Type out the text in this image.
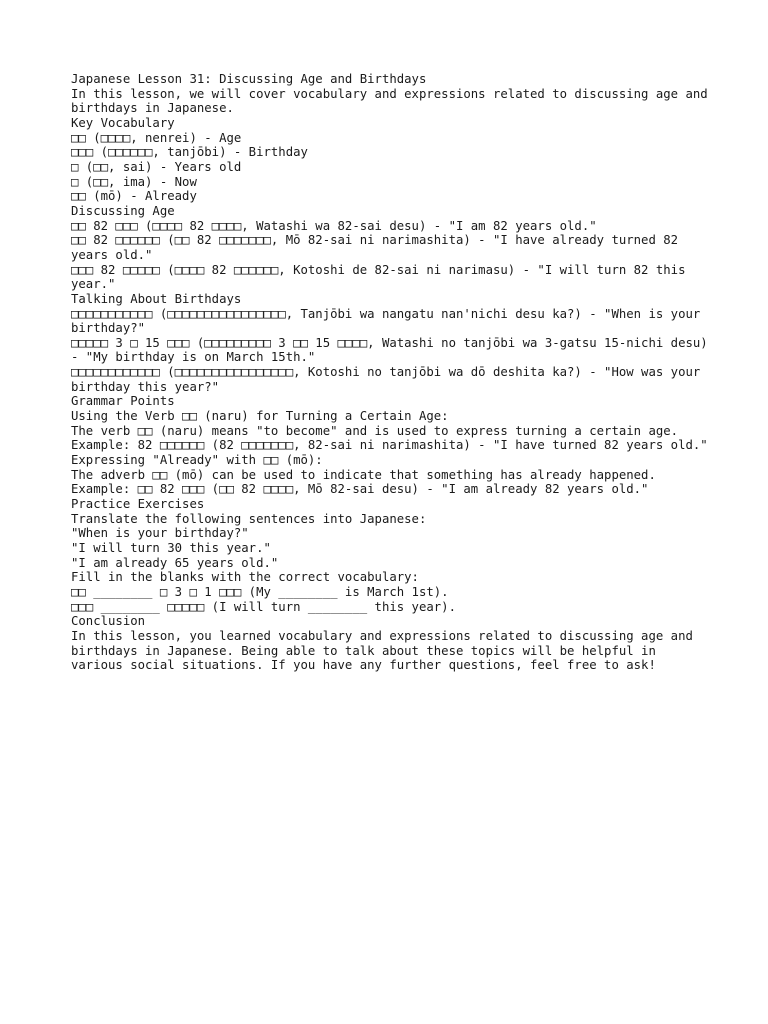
Japanese Lesson 31: Discussing Age and Birthdays

In this lesson, we will cover vocabulary and expressions related to discussing age and birthdays in Japanese.

Key Vocabulary

□□ (□□□□, nenrei) - Age

□□□ (□□□□□□, tanjōbi) - Birthday

□ (□□, sai) - Years old

□ (□□, ima) - Now

□□ (mō) - Already

Discussing Age

□□ 82 □□□ (□□□□ 82 □□□□, Watashi wa 82-sai desu) - "I am 82 years old."

□□ 82 □□□□□□ (□□ 82 □□□□□□□, Mō 82-sai ni narimashita) - "I have already turned 82 years old."

□□□ 82 □□□□□ (□□□□ 82 □□□□□□, Kotoshi de 82-sai ni narimasu) - "I will turn 82 this year."

Talking About Birthdays

□□□□□□□□□□□ (□□□□□□□□□□□□□□□□, Tanjōbi wa nangatu nan'nichi desu ka?) - "When is your birthday?"

□□□□□ 3 □ 15 □□□ (□□□□□□□□□ 3 □□ 15 □□□□, Watashi no tanjōbi wa 3-gatsu 15-nichi desu) - "My birthday is on March 15th."

□□□□□□□□□□□□ (□□□□□□□□□□□□□□□□, Kotoshi no tanjōbi wa dō deshita ka?) - "How was your birthday this year?"

Grammar Points

Using the Verb □□ (naru) for Turning a Certain Age:

The verb □□ (naru) means "to become" and is used to express turning a certain age.

Example: 82 □□□□□□ (82 □□□□□□□, 82-sai ni narimashita) - "I have turned 82 years old."

Expressing "Already" with □□ (mō):

The adverb □□ (mō) can be used to indicate that something has already happened.

Example: □□ 82 □□□ (□□ 82 □□□□, Mō 82-sai desu) - "I am already 82 years old."

Practice Exercises

Translate the following sentences into Japanese:

"When is your birthday?"

"I will turn 30 this year."

"I am already 65 years old."

Fill in the blanks with the correct vocabulary:

□□ ________ □ 3 □ 1 □□□ (My ________ is March 1st).

□□□ ________ □□□□□ (I will turn ________ this year).

Conclusion

In this lesson, you learned vocabulary and expressions related to discussing age and birthdays in Japanese. Being able to talk about these topics will be helpful in various social situations. If you have any further questions, feel free to ask!
